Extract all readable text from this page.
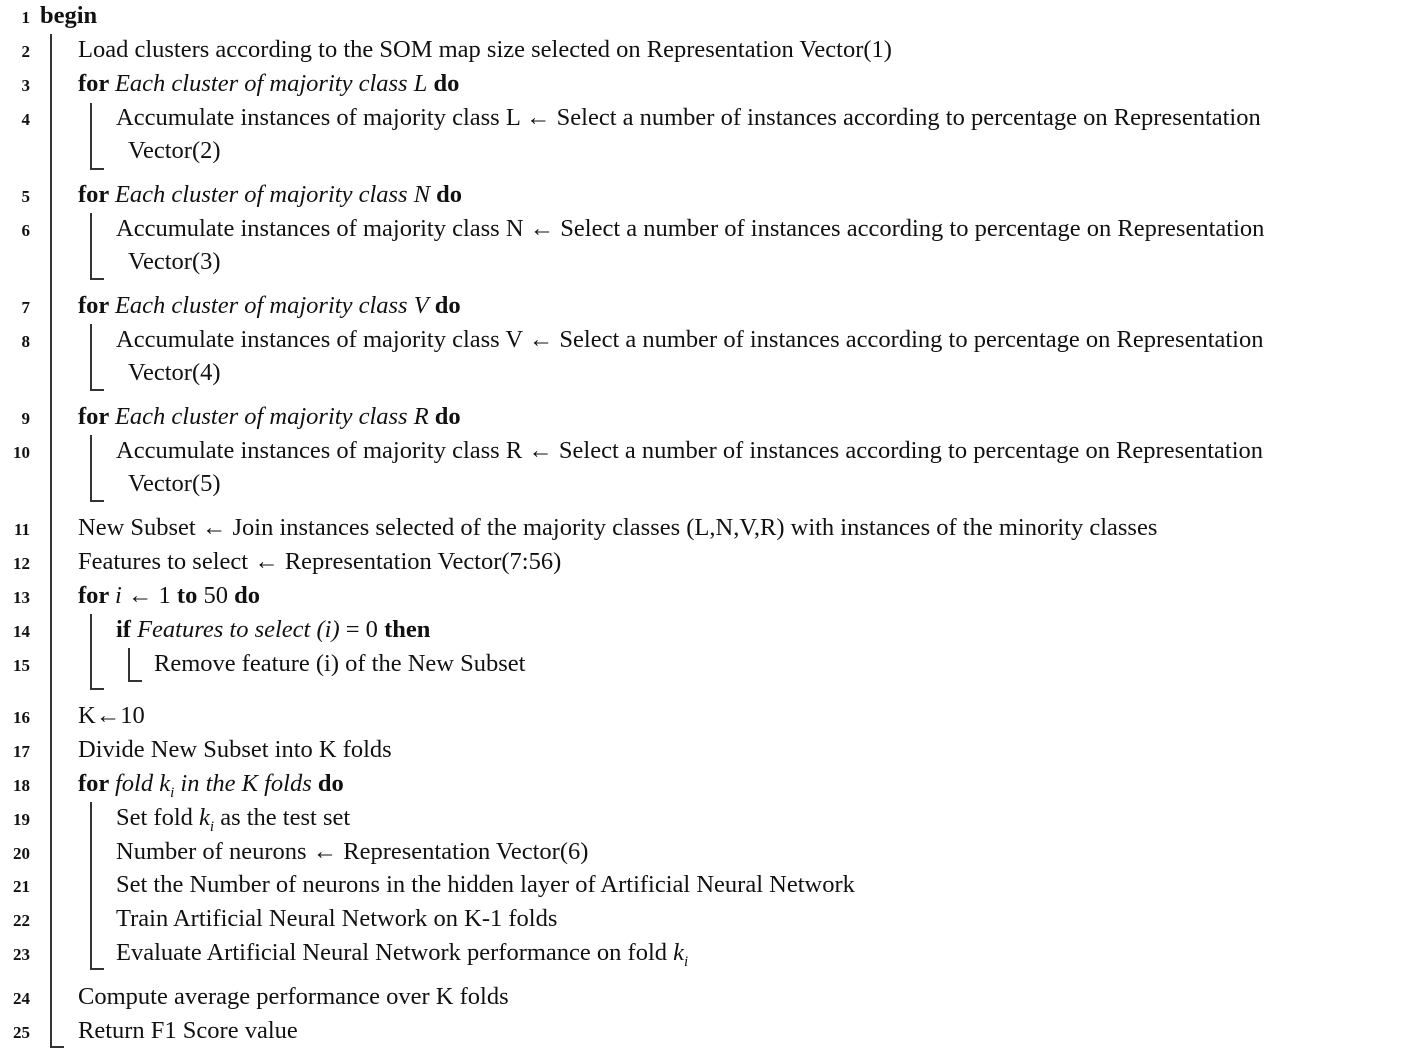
1 begin
2 Load clusters according to the SOM map size selected on Representation Vector(1)
3 for Each cluster of majority class L do
4	Accumulate instances of majority class L ← Select a number of instances according to percentage on Representation
Vector(2)
5 for Each cluster of majority class N do
6	Accumulate instances of majority class N ← Select a number of instances according to percentage on Representation
Vector(3)
7 for Each cluster of majority class V do
8	Accumulate instances of majority class V ← Select a number of instances according to percentage on Representation
Vector(4)
9 for Each cluster of majority class R do
10	Accumulate instances of majority class R ← Select a number of instances according to percentage on Representation
Vector(5)
11 New Subset ← Join instances selected of the majority classes (L,N,V,R) with instances of the minority classes
12 Features to select ← Representation Vector(7:56)
13 for i ← 1 to 50 do
14	if Features to select (i) = 0 then
15	Remove feature (i) of the New Subset
16 K←10
17 Divide New Subset into K folds
18 for fold $k_i$ in the K folds do
19	Set fold $k_i$ as the test set
20	Number of neurons ← Representation Vector(6)
21	Set the Number of neurons in the hidden layer of Artificial Neural Network
22	Train Artificial Neural Network on K-1 folds
23	Evaluate Artificial Neural Network performance on fold $k_i$
24 Compute average performance over K folds
25 Return F1 Score value
